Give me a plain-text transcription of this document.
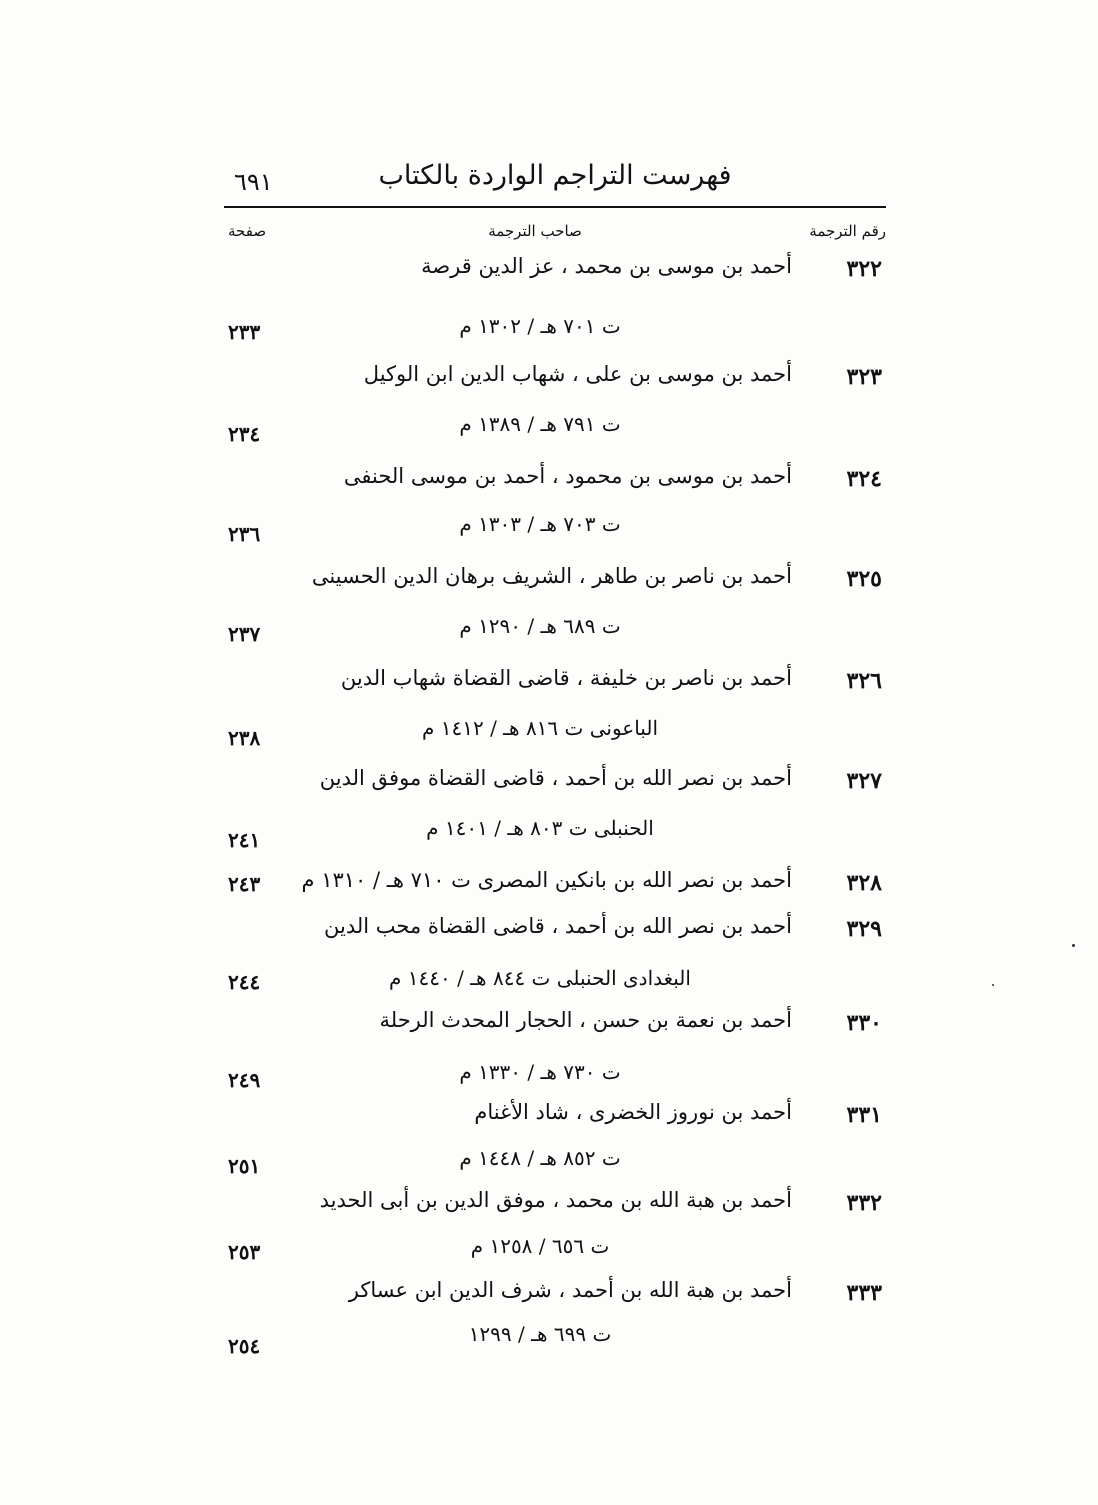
فهرست التراجم الواردة بالكتاب
٦٩١
رقم الترجمة
صاحب الترجمة
صفحة
٣٢٢
أحمد بن موسى بن محمد ، عز الدين قرصة
ت ٧٠١ هـ / ١٣٠٢ م
٢٣٣
٣٢٣
أحمد بن موسى بن على ، شهاب الدين ابن الوكيل
ت ٧٩١ هـ / ١٣٨٩ م
٢٣٤
٣٢٤
أحمد بن موسى بن محمود ، أحمد بن موسى الحنفى
ت ٧٠٣ هـ / ١٣٠٣ م
٢٣٦
٣٢٥
أحمد بن ناصر بن طاهر ، الشريف برهان الدين الحسينى
ت ٦٨٩ هـ / ١٢٩٠ م
٢٣٧
٣٢٦
أحمد بن ناصر بن خليفة ، قاضى القضاة شهاب الدين
الباعونى ت ٨١٦ هـ / ١٤١٢ م
٢٣٨
٣٢٧
أحمد بن نصر الله بن أحمد ، قاضى القضاة موفق الدين
الحنبلى ت ٨٠٣ هـ / ١٤٠١ م
٢٤١
٣٢٨
أحمد بن نصر الله بن بانكين المصرى ت ٧١٠ هـ / ١٣١٠ م
٢٤٣
٣٢٩
أحمد بن نصر الله بن أحمد ، قاضى القضاة محب الدين
البغدادى الحنبلى ت ٨٤٤ هـ / ١٤٤٠ م
٢٤٤
٣٣٠
أحمد بن نعمة بن حسن ، الحجار المحدث الرحلة
ت ٧٣٠ هـ / ١٣٣٠ م
٢٤٩
٣٣١
أحمد بن نوروز الخضرى ، شاد الأغنام
ت ٨٥٢ هـ / ١٤٤٨ م
٢٥١
٣٣٢
أحمد بن هبة الله بن محمد ، موفق الدين بن أبى الحديد
ت ٦٥٦ / ١٢٥٨ م
٢٥٣
٣٣٣
أحمد بن هبة الله بن أحمد ، شرف الدين ابن عساكر
ت ٦٩٩ هـ / ١٢٩٩
٢٥٤
